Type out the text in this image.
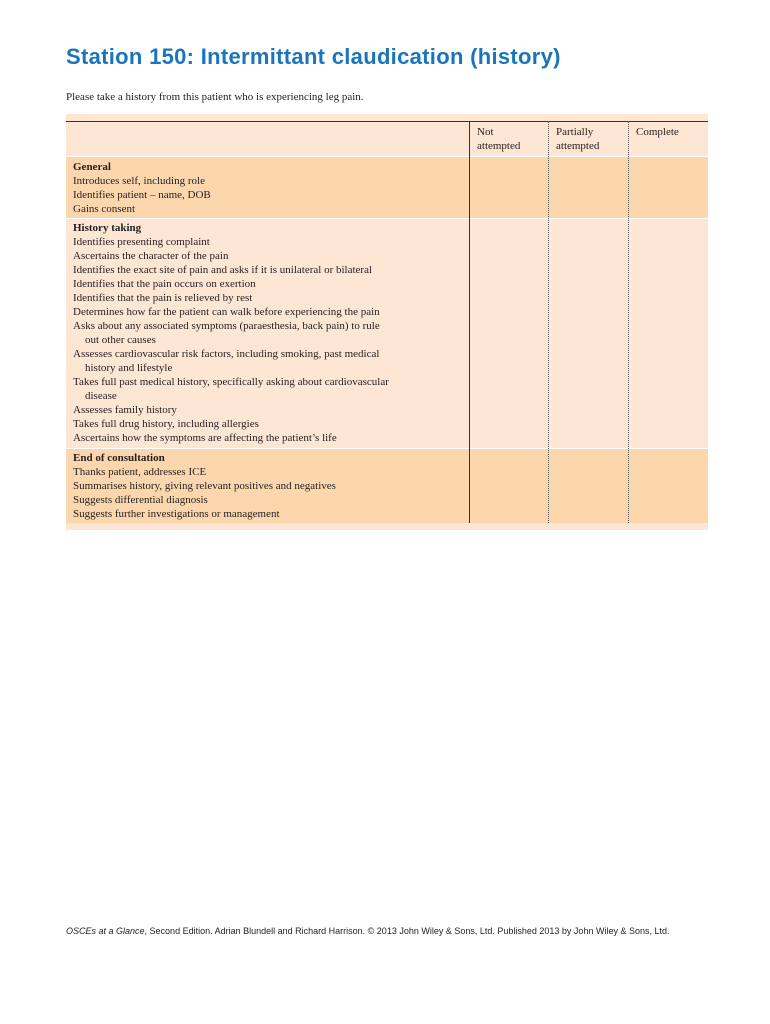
Station 150: Intermittant claudication (history)
Please take a history from this patient who is experiencing leg pain.
Not
attempted
Partially
attempted
Complete
General
Introduces self, including role
Identifies patient – name, DOB
Gains consent
History taking
Identifies presenting complaint
Ascertains the character of the pain
Identifies the exact site of pain and asks if it is unilateral or bilateral
Identifies that the pain occurs on exertion
Identifies that the pain is relieved by rest
Determines how far the patient can walk before experiencing the pain
Asks about any associated symptoms (paraesthesia, back pain) to rule
out other causes
Assesses cardiovascular risk factors, including smoking, past medical
history and lifestyle
Takes full past medical history, specifically asking about cardiovascular
disease
Assesses family history
Takes full drug history, including allergies
Ascertains how the symptoms are affecting the patient’s life
End of consultation
Thanks patient, addresses ICE
Summarises history, giving relevant positives and negatives
Suggests differential diagnosis
Suggests further investigations or management
OSCEs at a Glance, Second Edition. Adrian Blundell and Richard Harrison. © 2013 John Wiley & Sons, Ltd. Published 2013 by John Wiley & Sons, Ltd.
